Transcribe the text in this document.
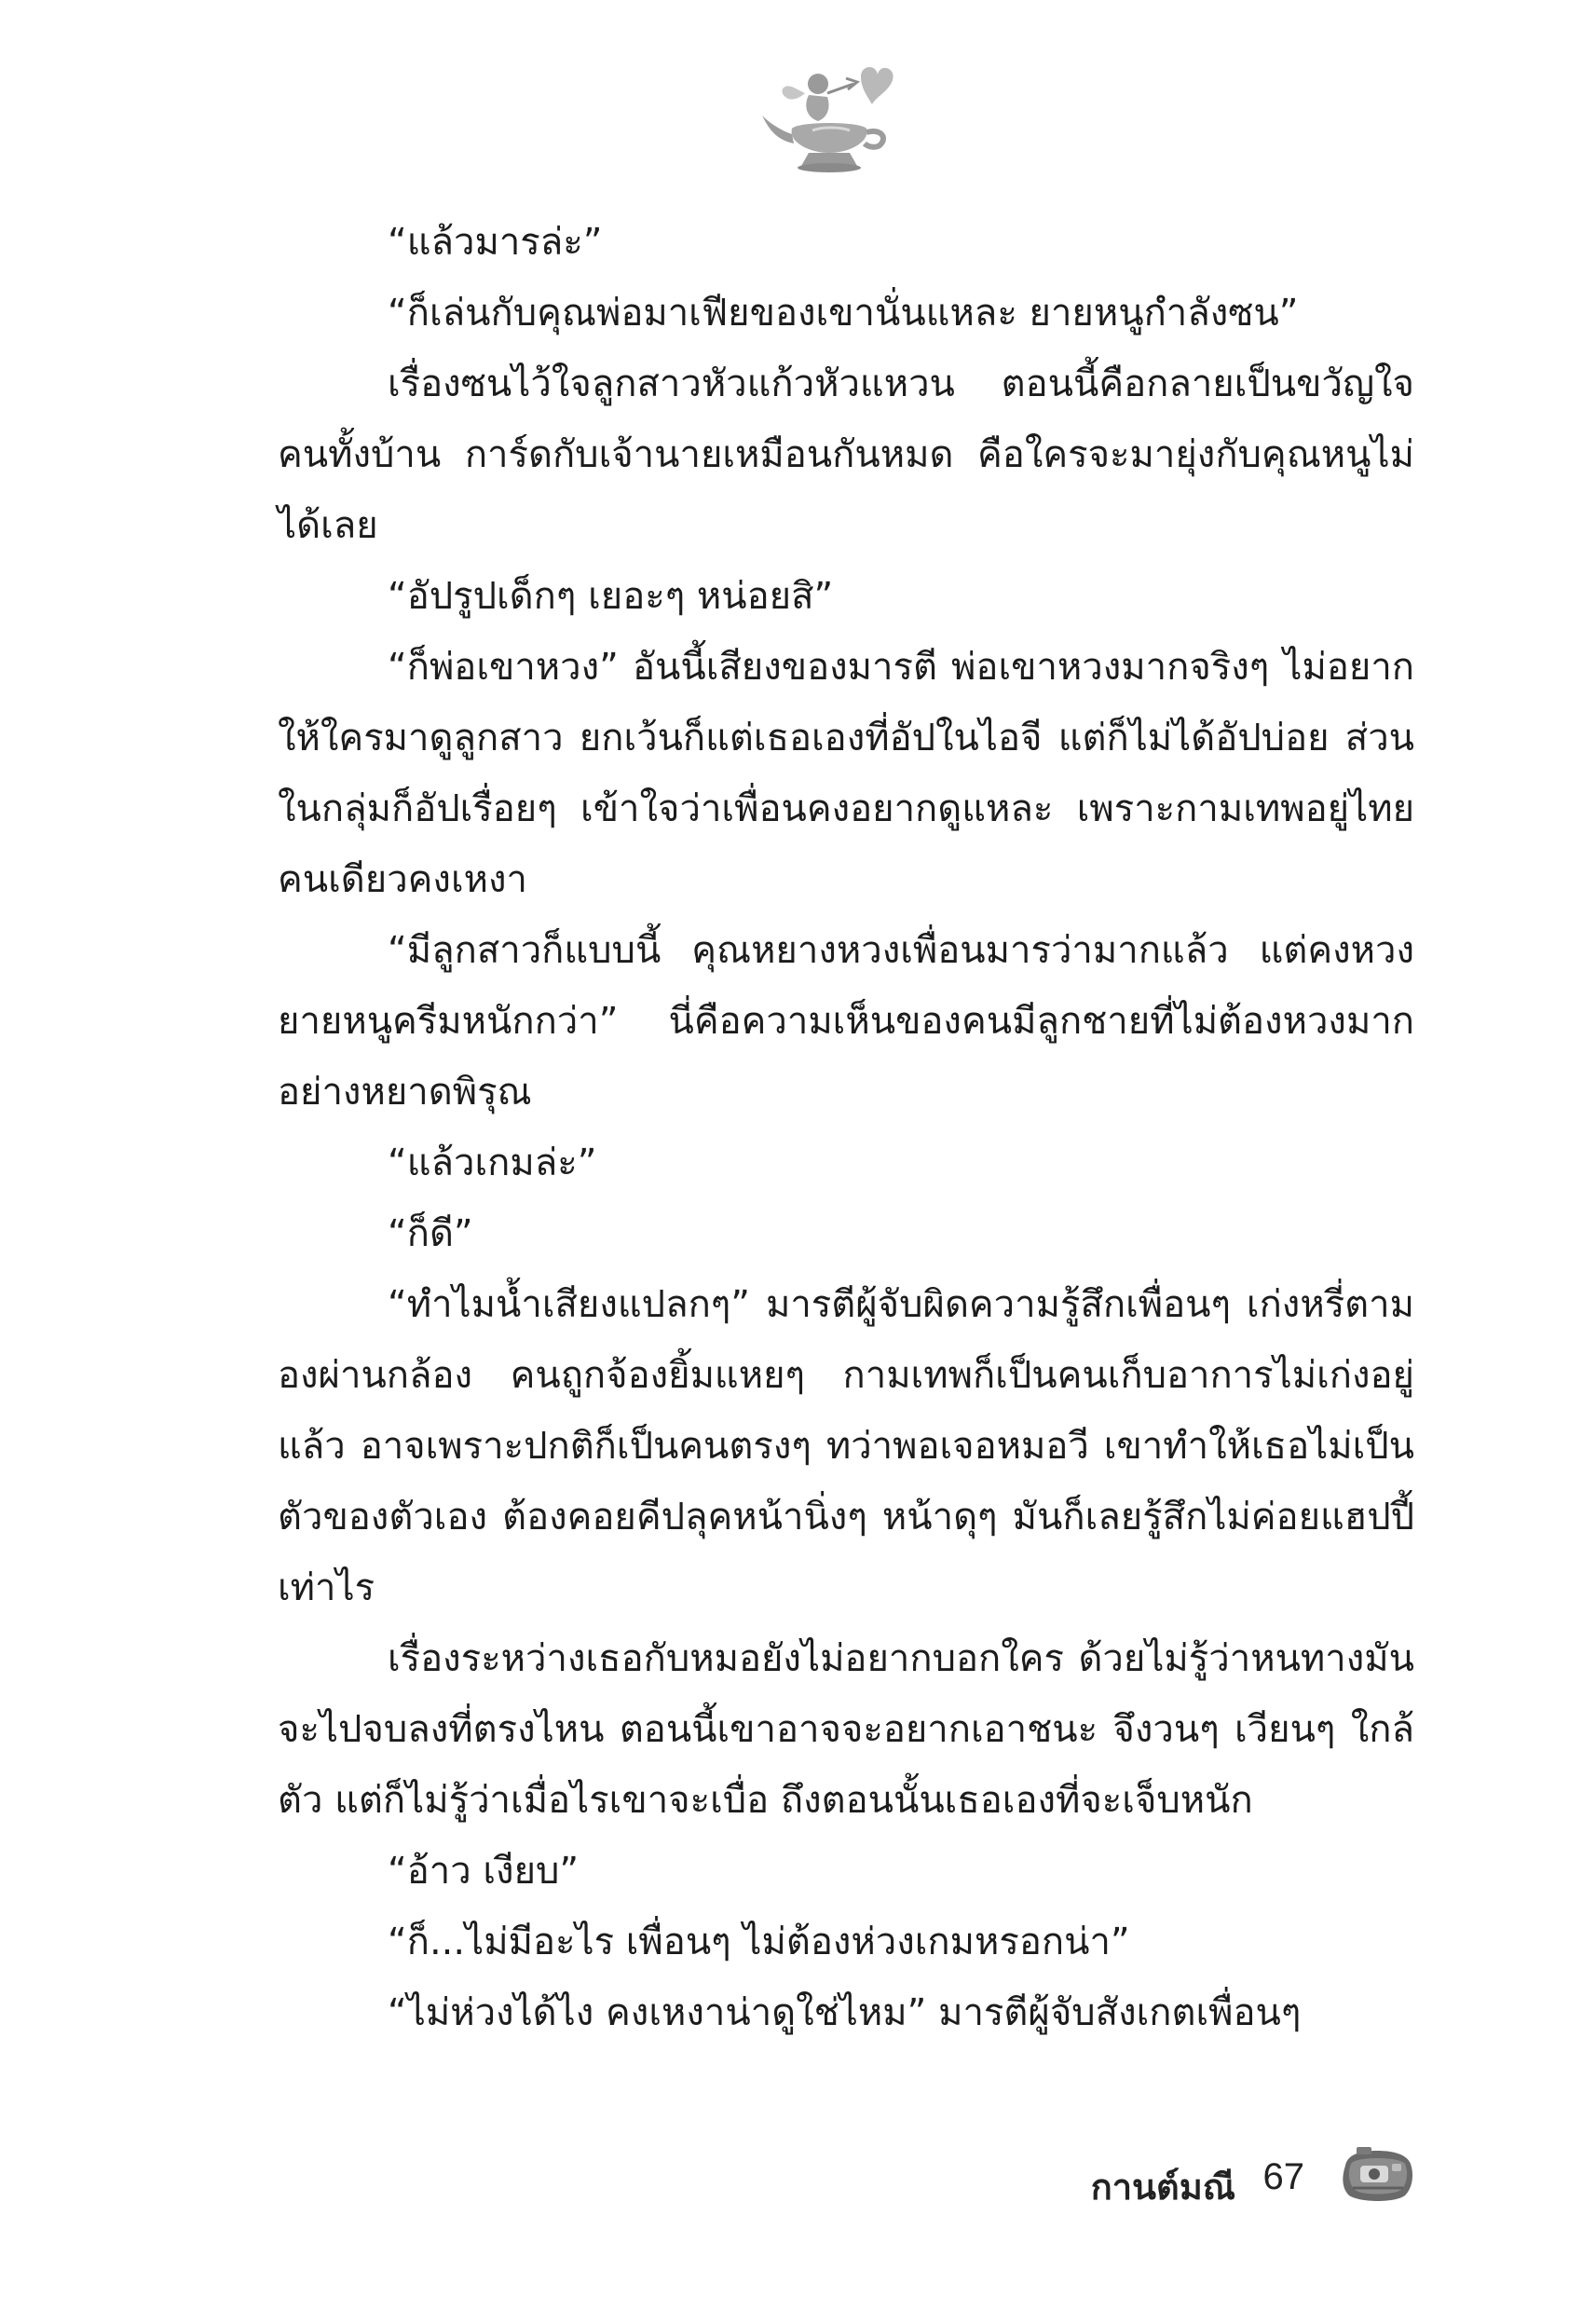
“แล้วมารล่ะ”

“ก็เล่นกับคุณพ่อมาเฟียของเขานั่นแหละ ยายหนูกำลังซน”

เรื่องซนไว้ใจลูกสาวหัวแก้วหัวแหวน ตอนนี้คือกลายเป็นขวัญใจคนทั้งบ้าน การ์ดกับเจ้านายเหมือนกันหมด คือใครจะมายุ่งกับคุณหนูไม่ได้เลย

“อัปรูปเด็กๆ เยอะๆ หน่อยสิ”

“ก็พ่อเขาหวง” อันนี้เสียงของมารตี พ่อเขาหวงมากจริงๆ ไม่อยากให้ใครมาดูลูกสาว ยกเว้นก็แต่เธอเองที่อัปในไอจี แต่ก็ไม่ได้อัปบ่อย ส่วนในกลุ่มก็อัปเรื่อยๆ เข้าใจว่าเพื่อนคงอยากดูแหละ เพราะกามเทพอยู่ไทยคนเดียวคงเหงา

“มีลูกสาวก็แบบนี้ คุณหยางหวงเพื่อนมารว่ามากแล้ว แต่คงหวงยายหนูครีมหนักกว่า” นี่คือความเห็นของคนมีลูกชายที่ไม่ต้องหวงมากอย่างหยาดพิรุณ

“แล้วเกมล่ะ”

“ก็ดี”

“ทำไมน้ำเสียงแปลกๆ” มารตีผู้จับผิดความรู้สึกเพื่อนๆ เก่งหรี่ตามองผ่านกล้อง คนถูกจ้องยิ้มแหยๆ กามเทพก็เป็นคนเก็บอาการไม่เก่งอยู่แล้ว อาจเพราะปกติก็เป็นคนตรงๆ ทว่าพอเจอหมอวี เขาทำให้เธอไม่เป็นตัวของตัวเอง ต้องคอยคีปลุคหน้านิ่งๆ หน้าดุๆ มันก็เลยรู้สึกไม่ค่อยแฮปปี้เท่าไร

เรื่องระหว่างเธอกับหมอยังไม่อยากบอกใคร ด้วยไม่รู้ว่าหนทางมันจะไปจบลงที่ตรงไหน ตอนนี้เขาอาจจะอยากเอาชนะ จึงวนๆ เวียนๆ ใกล้ตัว แต่ก็ไม่รู้ว่าเมื่อไรเขาจะเบื่อ ถึงตอนนั้นเธอเองที่จะเจ็บหนัก

“อ้าว เงียบ”

“ก็...ไม่มีอะไร เพื่อนๆ ไม่ต้องห่วงเกมหรอกน่า”

“ไม่ห่วงได้ไง คงเหงาน่าดูใช่ไหม” มารตีผู้จับสังเกตเพื่อนๆ

กานต์มณี 67
